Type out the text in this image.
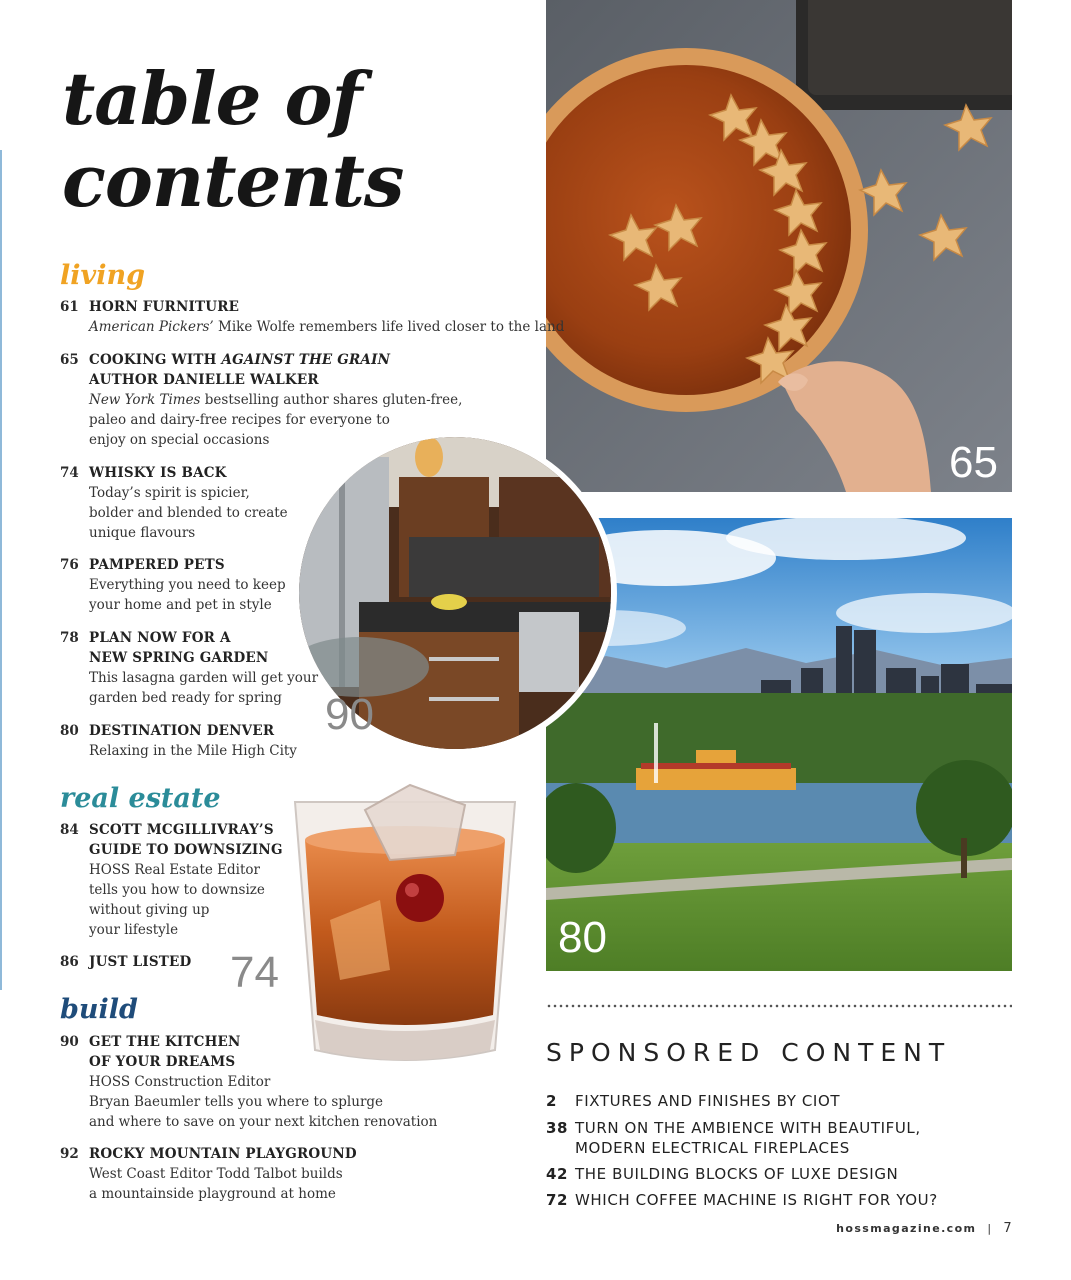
table of
contents
65
80
90
74
living
61 HORN FURNITURE
American Pickers’ Mike Wolfe remembers life lived closer to the land
65 COOKING WITH AGAINST THE GRAIN
AUTHOR DANIELLE WALKER
New York Times bestselling author shares gluten-free,
paleo and dairy-free recipes for everyone to
enjoy on special occasions
74 WHISKY IS BACK
Today’s spirit is spicier,
bolder and blended to create
unique flavours
76 PAMPERED PETS
Everything you need to keep
your home and pet in style
78 PLAN NOW FOR A
NEW SPRING GARDEN
This lasagna garden will get your
garden bed ready for spring
80 DESTINATION DENVER
Relaxing in the Mile High City
real estate
84 SCOTT MCGILLIVRAY’S
GUIDE TO DOWNSIZING
HOSS Real Estate Editor
tells you how to downsize
without giving up
your lifestyle
86 JUST LISTED
build
90 GET THE KITCHEN
OF YOUR DREAMS
HOSS Construction Editor
Bryan Baeumler tells you where to splurge
and where to save on your next kitchen renovation
92 ROCKY MOUNTAIN PLAYGROUND
West Coast Editor Todd Talbot builds
a mountainside playground at home
SPONSORED CONTENT
2 FIXTURES AND FINISHES BY CIOT
38 TURN ON THE AMBIENCE WITH BEAUTIFUL,
MODERN ELECTRICAL FIREPLACES
42 THE BUILDING BLOCKS OF LUXE DESIGN
72 WHICH COFFEE MACHINE IS RIGHT FOR YOU?
hossmagazine.com | 7
